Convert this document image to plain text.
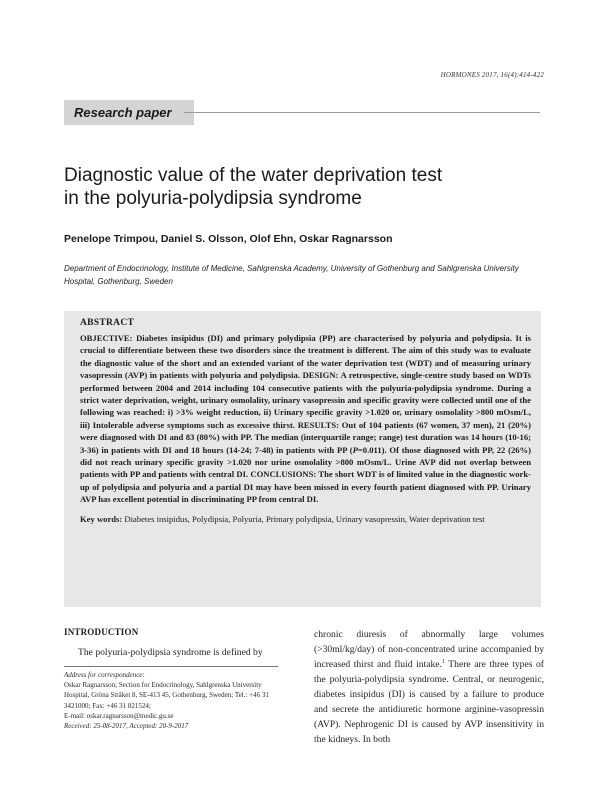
HORMONES 2017, 16(4):414-422
Research paper
Diagnostic value of the water deprivation test
in the polyuria-polydipsia syndrome
Penelope Trimpou, Daniel S. Olsson, Olof Ehn, Oskar Ragnarsson
Department of Endocrinology, Institute of Medicine, Sahlgrenska Academy, University of Gothenburg and Sahlgrenska University Hospital, Gothenburg, Sweden
ABSTRACT

OBJECTIVE: Diabetes insipidus (DI) and primary polydipsia (PP) are characterised by polyuria and polydipsia. It is crucial to differentiate between these two disorders since the treatment is different. The aim of this study was to evaluate the diagnostic value of the short and an extended variant of the water deprivation test (WDT) and of measuring urinary vasopressin (AVP) in patients with polyuria and polydipsia. DESIGN: A retrospective, single-centre study based on WDTs performed between 2004 and 2014 including 104 consecutive patients with the polyuria-polydipsia syndrome. During a strict water deprivation, weight, urinary osmolality, urinary vasopressin and specific gravity were collected until one of the following was reached: i) >3% weight reduction, ii) Urinary specific gravity >1.020 or, urinary osmolality >800 mOsm/L, iii) Intolerable adverse symptoms such as excessive thirst. RESULTS: Out of 104 patients (67 women, 37 men), 21 (20%) were diagnosed with DI and 83 (80%) with PP. The median (interquartile range; range) test duration was 14 hours (10-16; 3-36) in patients with DI and 18 hours (14-24; 7-48) in patients with PP (P=0.011). Of those diagnosed with PP, 22 (26%) did not reach urinary specific gravity >1.020 nor urine osmolality >800 mOsm/L. Urine AVP did not overlap between patients with PP and patients with central DI. CONCLUSIONS: The short WDT is of limited value in the diagnostic work-up of polydipsia and polyuria and a partial DI may have been missed in every fourth patient diagnosed with PP. Urinary AVP has excellent potential in discriminating PP from central DI.

Key words: Diabetes insipidus, Polydipsia, Polyuria, Primary polydipsia, Urinary vasopressin, Water deprivation test
INTRODUCTION

The polyuria-polydipsia syndrome is defined by

Address for correspondence:
Oskar Ragnarsson; Section for Endocrinology, Sahlgrenska University Hospital, Gröna Stråket 8, SE-413 45, Gothenburg, Sweden; Tel.: +46 31 3421000; Fax: +46 31 821524;
E-mail: oskar.ragnarsson@medic.gu.se
Received: 25-08-2017, Accepted: 20-9-2017

chronic diuresis of abnormally large volumes (>30ml/kg/day) of non-concentrated urine accompanied by increased thirst and fluid intake.$^1$ There are three types of the polyuria-polydipsia syndrome. Central, or neurogenic, diabetes insipidus (DI) is caused by a failure to produce and secrete the antidiuretic hormone arginine-vasopressin (AVP). Nephrogenic DI is caused by AVP insensitivity in the kidneys. In both
